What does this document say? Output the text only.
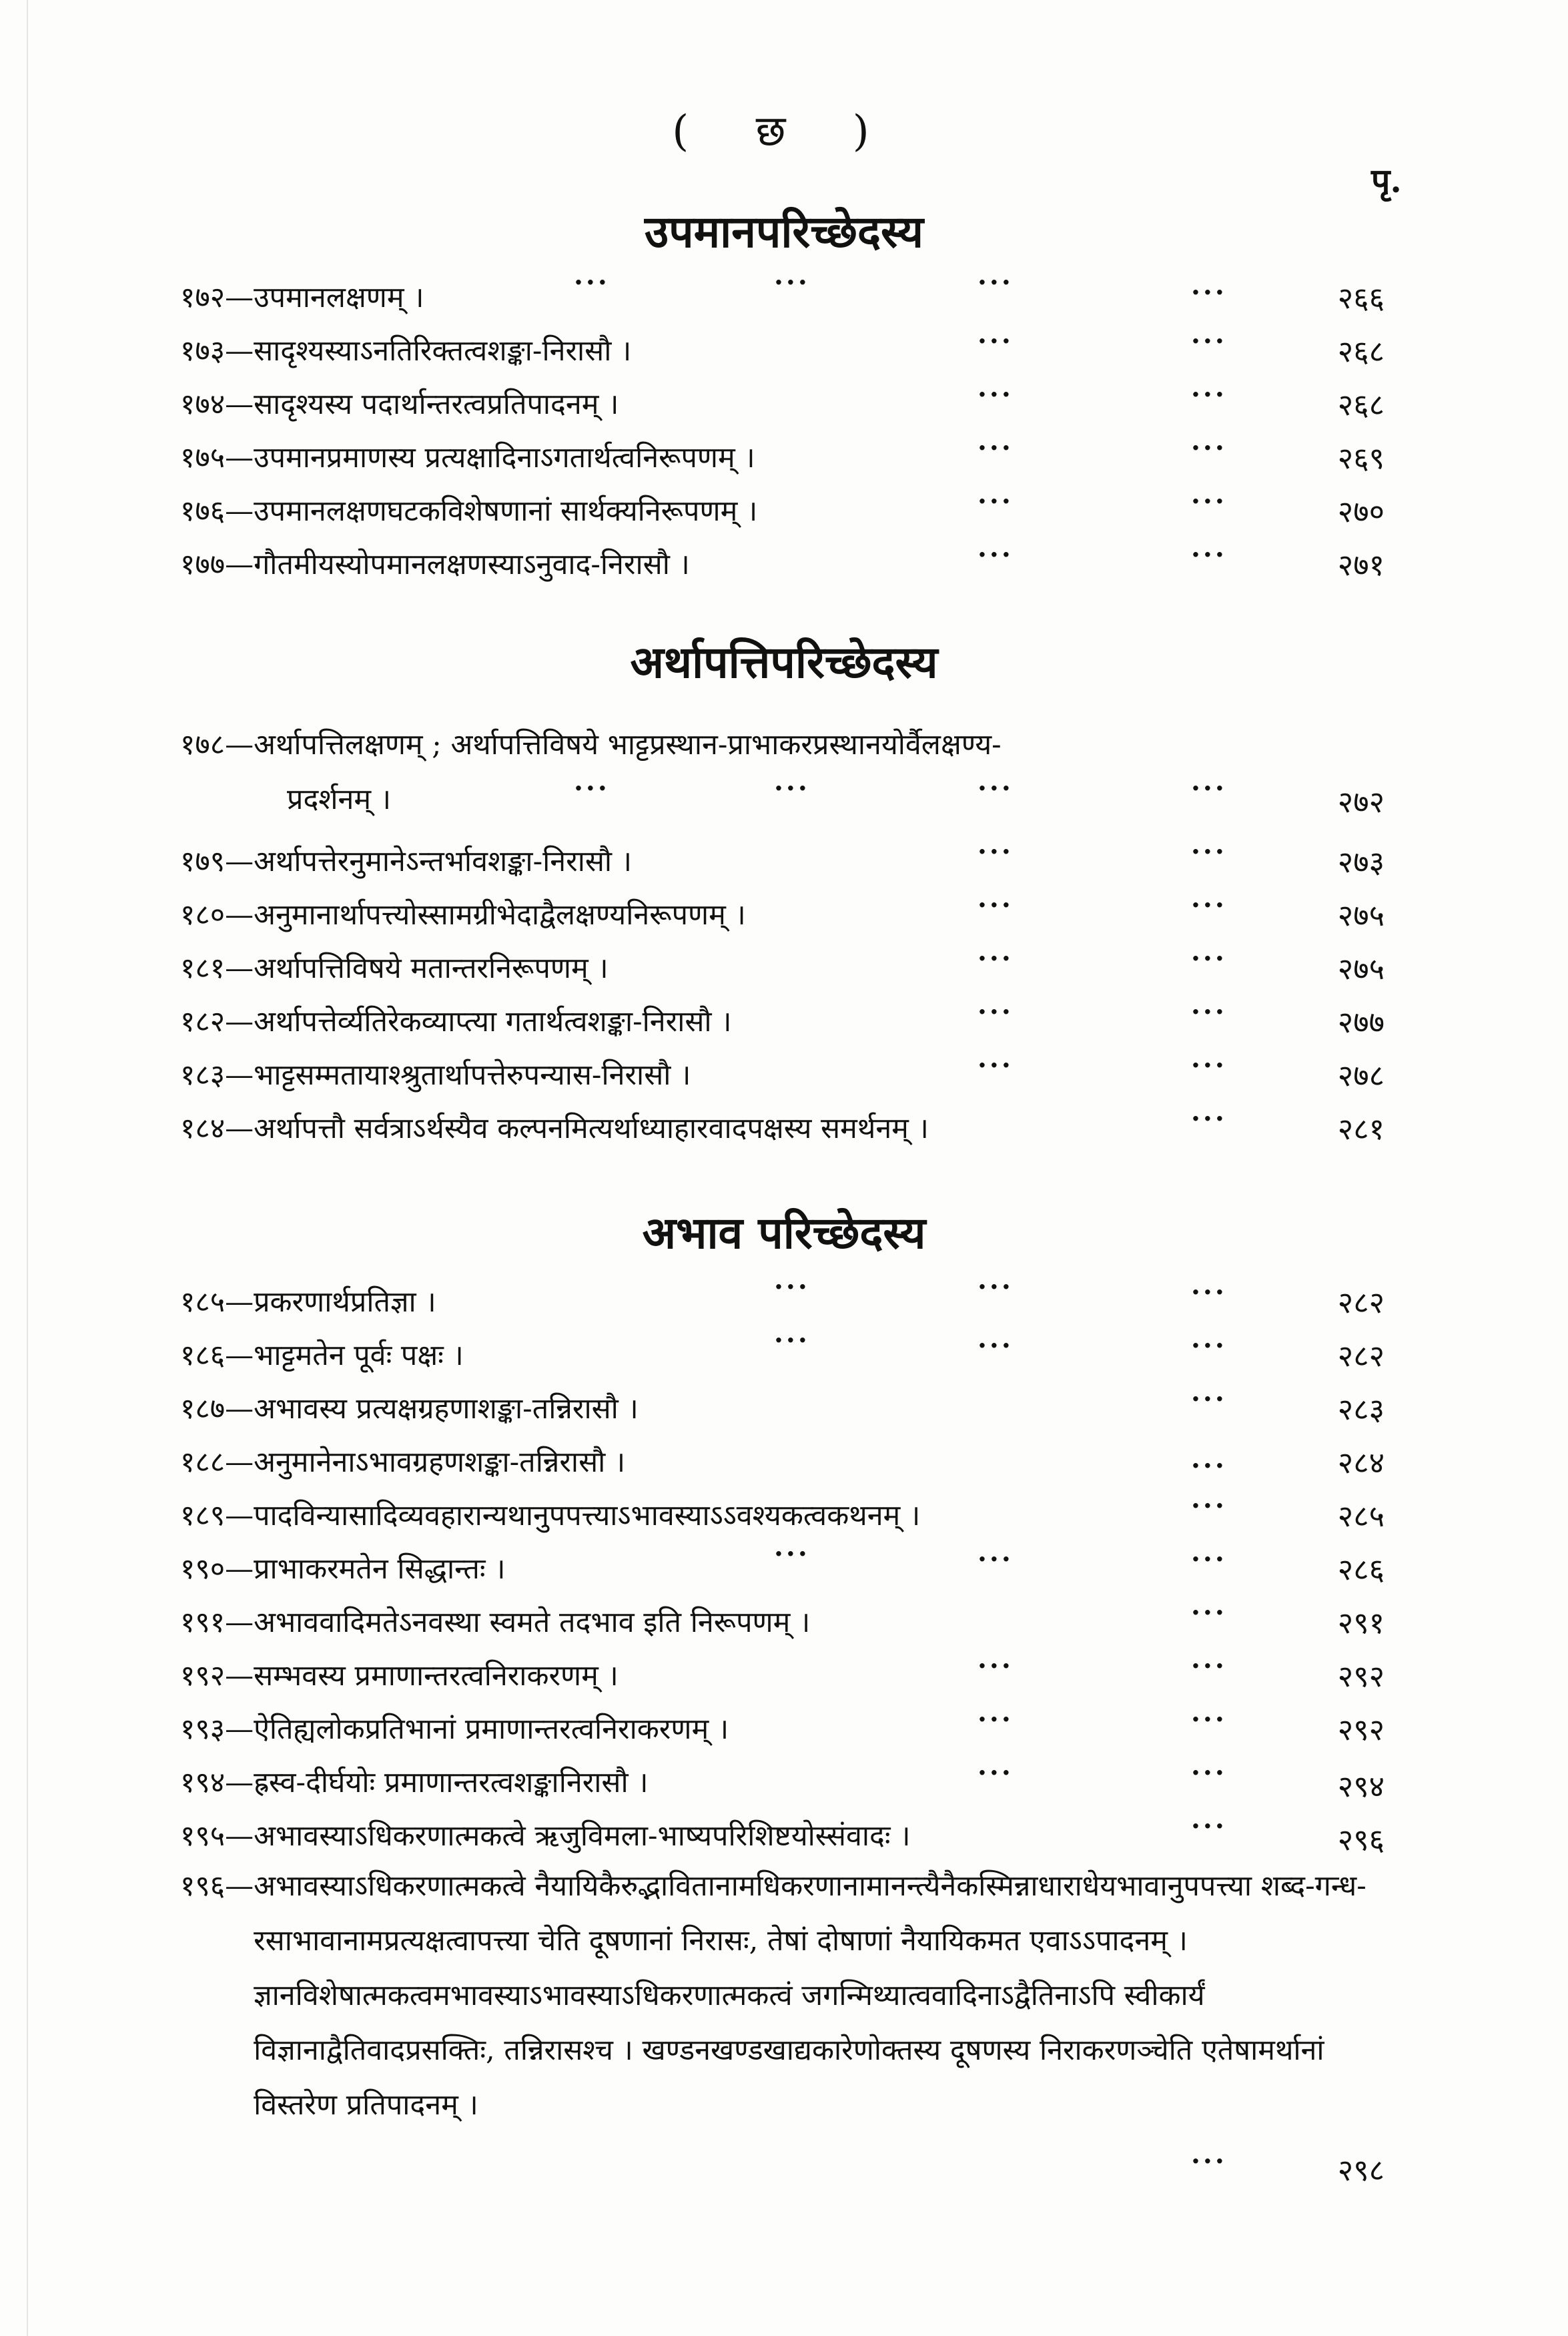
( छ )
पृ.
उपमानपरिच्छेदस्य
१७२—उपमानलक्षणम् ।	···	···	···	···	२६६
१७३—सादृश्यस्याऽनतिरिक्तत्वशङ्का-निरासौ ।	···	···	२६८
१७४—सादृश्यस्य पदार्थान्तरत्वप्रतिपादनम् ।	···	···	२६८
१७५—उपमानप्रमाणस्य प्रत्यक्षादिनाऽगतार्थत्वनिरूपणम् ।	···	···	२६९
१७६—उपमानलक्षणघटकविशेषणानां सार्थक्यनिरूपणम् ।	···	···	२७०
१७७—गौतमीयस्योपमानलक्षणस्याऽनुवाद-निरासौ ।	···	···	२७१
अर्थापत्तिपरिच्छेदस्य
१७८—अर्थापत्तिलक्षणम् ; अर्थापत्तिविषये भाट्टप्रस्थान-प्राभाकरप्रस्थानयोर्वैलक्षण्य-
प्रदर्शनम् ।	···	···	···	···	२७२
१७९—अर्थापत्तेरनुमानेऽन्तर्भावशङ्का-निरासौ ।	···	···	२७३
१८०—अनुमानार्थापत्त्योस्सामग्रीभेदाद्वैलक्षण्यनिरूपणम् ।	···	···	२७५
१८१—अर्थापत्तिविषये मतान्तरनिरूपणम् ।	···	···	२७५
१८२—अर्थापत्तेर्व्यतिरेकव्याप्त्या गतार्थत्वशङ्का-निरासौ ।	···	···	२७७
१८३—भाट्टसम्मतायाश्श्रुतार्थापत्तेरुपन्यास-निरासौ ।	···	···	२७८
१८४—अर्थापत्तौ सर्वत्राऽर्थस्यैव कल्पनमित्यर्थाध्याहारवादपक्षस्य समर्थनम् ।	···	२८१
अभाव परिच्छेदस्य
१८५—प्रकरणार्थप्रतिज्ञा ।	···	···	···	२८२
१८६—भाट्टमतेन पूर्वः पक्षः ।	···	···	···	२८२
१८७—अभावस्य प्रत्यक्षग्रहणाशङ्का-तन्निरासौ ।	···	२८३
१८८—अनुमानेनाऽभावग्रहणशङ्का-तन्निरासौ ।	···	२८४
१८९—पादविन्यासादिव्यवहारान्यथानुपपत्त्याऽभावस्याऽऽवश्यकत्वकथनम् ।	···	२८५
१९०—प्राभाकरमतेन सिद्धान्तः ।	···	···	···	२८६
१९१—अभाववादिमतेऽनवस्था स्वमते तदभाव इति निरूपणम् ।	···	२९१
१९२—सम्भवस्य प्रमाणान्तरत्वनिराकरणम् ।	···	···	२९२
१९३—ऐतिह्यलोकप्रतिभानां प्रमाणान्तरत्वनिराकरणम् ।	···	···	२९२
१९४—ह्रस्व-दीर्घयोः प्रमाणान्तरत्वशङ्कानिरासौ ।	···	···	२९४
१९५—अभावस्याऽधिकरणात्मकत्वे ऋजुविमला-भाष्यपरिशिष्टयोस्संवादः ।	···	२९६
१९६—अभावस्याऽधिकरणात्मकत्वे नैयायिकैरुद्भावितानामधिकरणानामानन्त्यैनैकस्मिन्नाधाराधेयभावानुपपत्त्या शब्द-गन्ध-रसाभावानामप्रत्यक्षत्वापत्त्या चेति दूषणानां निरासः, तेषां दोषाणां नैयायिकमत एवाऽऽपादनम् । ज्ञानविशेषात्मकत्वमभावस्याऽभावस्याऽधिकरणात्मकत्वं जगन्मिथ्यात्ववादिनाऽद्वैतिनाऽपि स्वीकार्यं विज्ञानाद्वैतिवादप्रसक्तिः, तन्निरासश्च । खण्डनखण्डखाद्यकारेणोक्तस्य दूषणस्य निराकरणञ्चेति एतेषामर्थानां विस्तरेण प्रतिपादनम् ।
···	२९८
